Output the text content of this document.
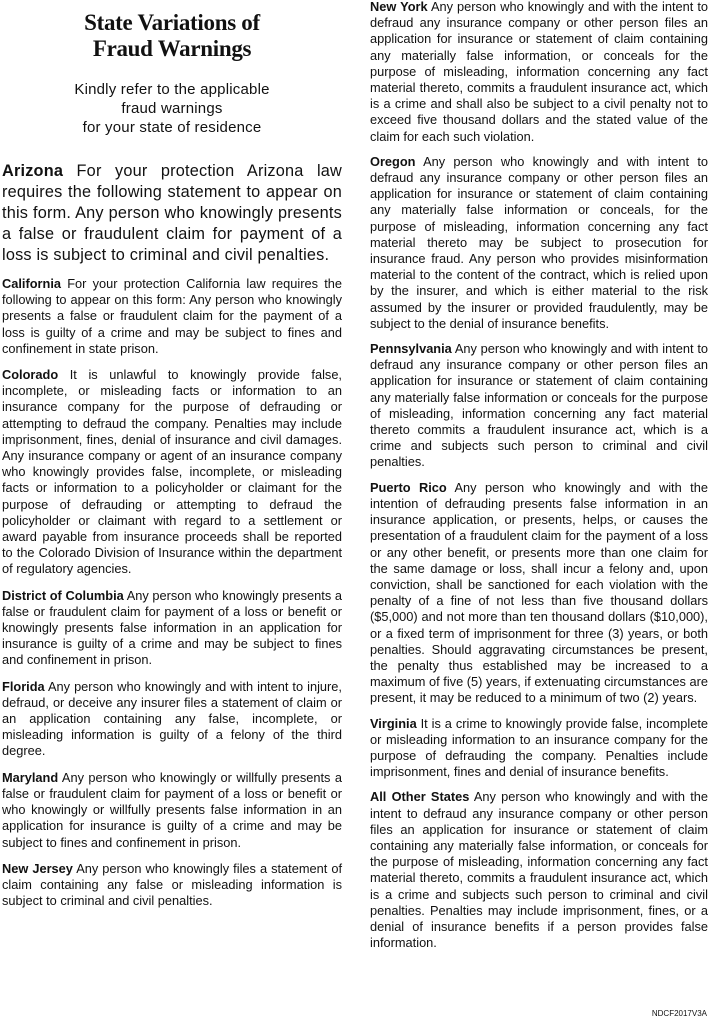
State Variations of
Fraud Warnings
Kindly refer to the applicable
fraud warnings
for your state of residence

Arizona For your protection Arizona law requires the following statement to appear on this form. Any person who knowingly presents a false or fraudulent claim for payment of a loss is subject to criminal and civil penalties.

California For your protection California law requires the following to appear on this form: Any person who knowingly presents a false or fraudulent claim for the payment of a loss is guilty of a crime and may be subject to fines and confinement in state prison.

Colorado It is unlawful to knowingly provide false, incomplete, or misleading facts or information to an insurance company for the purpose of defrauding or attempting to defraud the company. Penalties may include imprisonment, fines, denial of insurance and civil damages. Any insurance company or agent of an insurance company who knowingly provides false, incomplete, or misleading facts or information to a policyholder or claimant for the purpose of defrauding or attempting to defraud the policyholder or claimant with regard to a settlement or award payable from insurance proceeds shall be reported to the Colorado Division of Insurance within the department of regulatory agencies.

District of Columbia Any person who knowingly presents a false or fraudulent claim for payment of a loss or benefit or knowingly presents false information in an application for insurance is guilty of a crime and may be subject to fines and confinement in prison.

Florida Any person who knowingly and with intent to injure, defraud, or deceive any insurer files a statement of claim or an application containing any false, incomplete, or misleading information is guilty of a felony of the third degree.

Maryland Any person who knowingly or willfully presents a false or fraudulent claim for payment of a loss or benefit or who knowingly or willfully presents false information in an application for insurance is guilty of a crime and may be subject to fines and confinement in prison.

New Jersey Any person who knowingly files a statement of claim containing any false or misleading information is subject to criminal and civil penalties.

New York Any person who knowingly and with the intent to defraud any insurance company or other person files an application for insurance or statement of claim containing any materially false information, or conceals for the purpose of misleading, information concerning any fact material thereto, commits a fraudulent insurance act, which is a crime and shall also be subject to a civil penalty not to exceed five thousand dollars and the stated value of the claim for each such violation.

Oregon Any person who knowingly and with intent to defraud any insurance company or other person files an application for insurance or statement of claim containing any materially false information or conceals, for the purpose of misleading, information concerning any fact material thereto may be subject to prosecution for insurance fraud. Any person who provides misinformation material to the content of the contract, which is relied upon by the insurer, and which is either material to the risk assumed by the insurer or provided fraudulently, may be subject to the denial of insurance benefits.

Pennsylvania Any person who knowingly and with intent to defraud any insurance company or other person files an application for insurance or statement of claim containing any materially false information or conceals for the purpose of misleading, information concerning any fact material thereto commits a fraudulent insurance act, which is a crime and subjects such person to criminal and civil penalties.

Puerto Rico Any person who knowingly and with the intention of defrauding presents false information in an insurance application, or presents, helps, or causes the presentation of a fraudulent claim for the payment of a loss or any other benefit, or presents more than one claim for the same damage or loss, shall incur a felony and, upon conviction, shall be sanctioned for each violation with the penalty of a fine of not less than five thousand dollars ($5,000) and not more than ten thousand dollars ($10,000), or a fixed term of imprisonment for three (3) years, or both penalties. Should aggravating circumstances be present, the penalty thus established may be increased to a maximum of five (5) years, if extenuating circumstances are present, it may be reduced to a minimum of two (2) years.

Virginia It is a crime to knowingly provide false, incomplete or misleading information to an insurance company for the purpose of defrauding the company. Penalties include imprisonment, fines and denial of insurance benefits.

All Other States Any person who knowingly and with the intent to defraud any insurance company or other person files an application for insurance or statement of claim containing any materially false information, or conceals for the purpose of misleading, information concerning any fact material thereto, commits a fraudulent insurance act, which is a crime and subjects such person to criminal and civil penalties. Penalties may include imprisonment, fines, or a denial of insurance benefits if a person provides false information.

NDCF2017V3A
